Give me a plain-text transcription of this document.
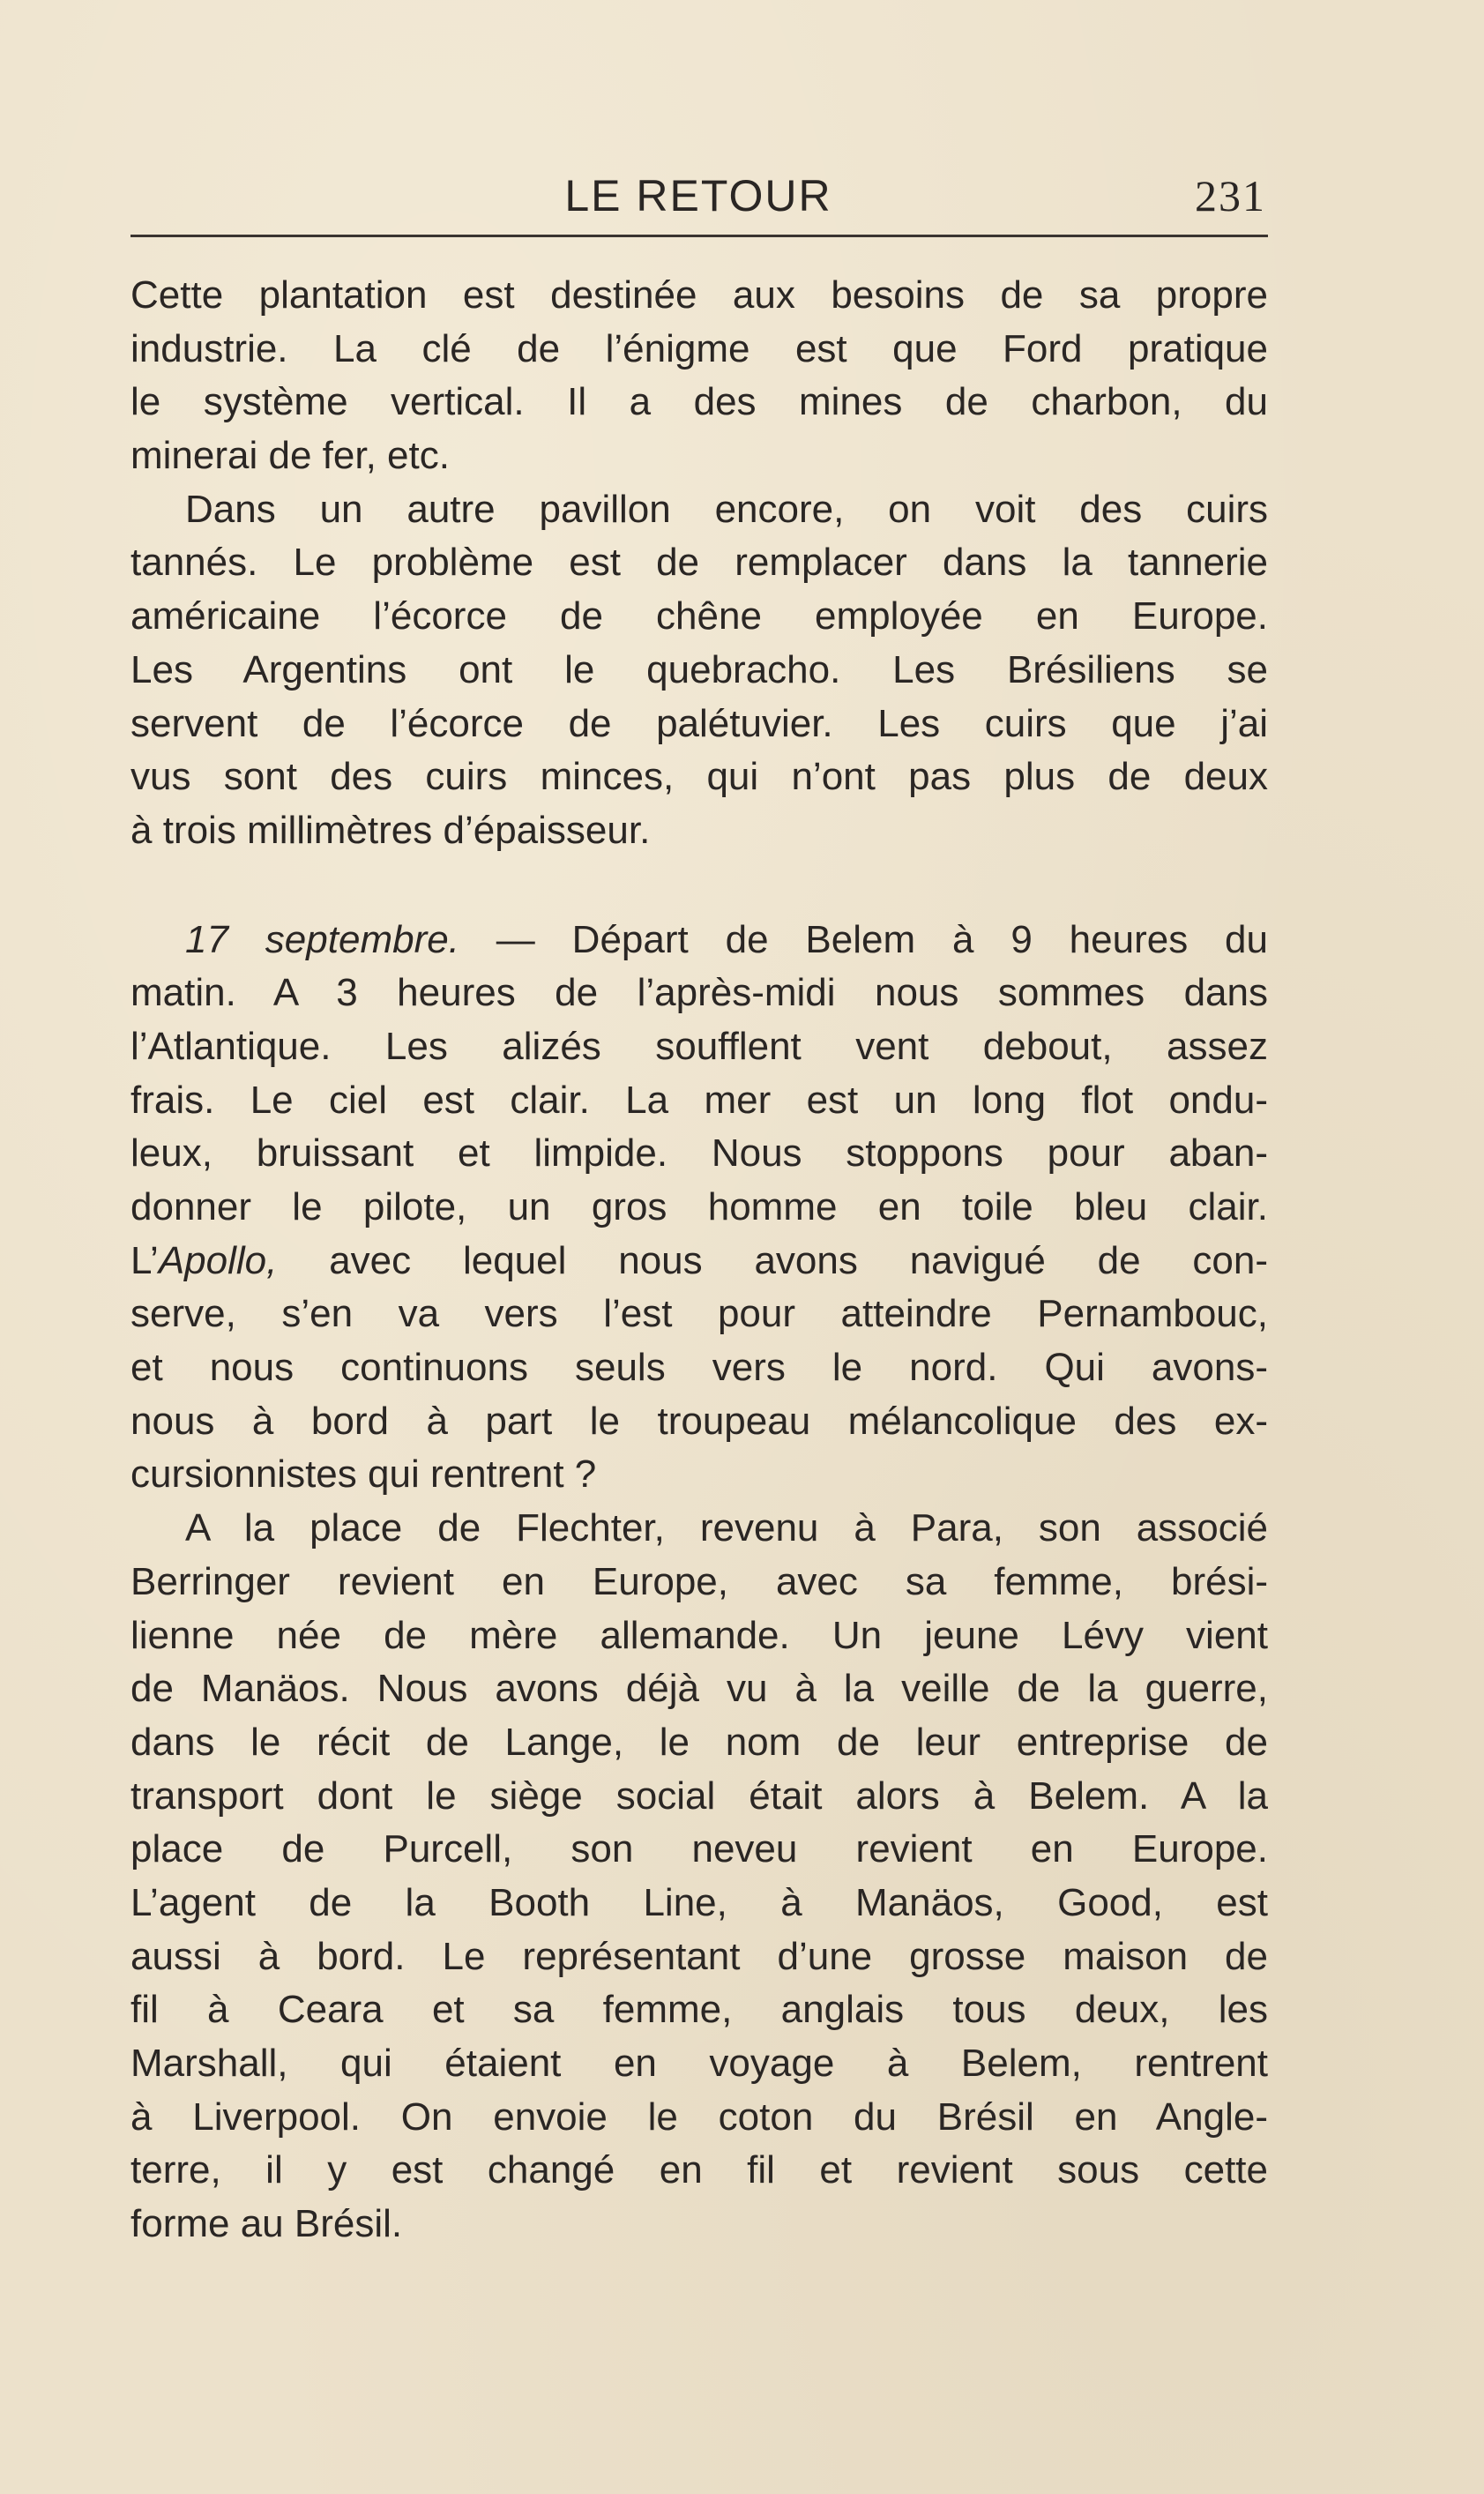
LE RETOUR	231
Cette plantation est destinée aux besoins de sa propre
industrie. La clé de l’énigme est que Ford pratique
le système vertical. Il a des mines de charbon, du
minerai de fer, etc.
Dans un autre pavillon encore, on voit des cuirs
tannés. Le problème est de remplacer dans la tannerie
américaine l’écorce de chêne employée en Europe.
Les Argentins ont le quebracho. Les Brésiliens se
servent de l’écorce de palétuvier. Les cuirs que j’ai
vus sont des cuirs minces, qui n’ont pas plus de deux
à trois millimètres d’épaisseur.
17 septembre. — Départ de Belem à 9 heures du
matin. A 3 heures de l’après-midi nous sommes dans
l’Atlantique. Les alizés soufflent vent debout, assez
frais. Le ciel est clair. La mer est un long flot ondu-
leux, bruissant et limpide. Nous stoppons pour aban-
donner le pilote, un gros homme en toile bleu clair.
L’Apollo, avec lequel nous avons navigué de con-
serve, s’en va vers l’est pour atteindre Pernambouc,
et nous continuons seuls vers le nord. Qui avons-
nous à bord à part le troupeau mélancolique des ex-
cursionnistes qui rentrent ?
A la place de Flechter, revenu à Para, son associé
Berringer revient en Europe, avec sa femme, brési-
lienne née de mère allemande. Un jeune Lévy vient
de Manäos. Nous avons déjà vu à la veille de la guerre,
dans le récit de Lange, le nom de leur entreprise de
transport dont le siège social était alors à Belem. A la
place de Purcell, son neveu revient en Europe.
L’agent de la Booth Line, à Manäos, Good, est
aussi à bord. Le représentant d’une grosse maison de
fil à Ceara et sa femme, anglais tous deux, les
Marshall, qui étaient en voyage à Belem, rentrent
à Liverpool. On envoie le coton du Brésil en Angle-
terre, il y est changé en fil et revient sous cette
forme au Brésil.
